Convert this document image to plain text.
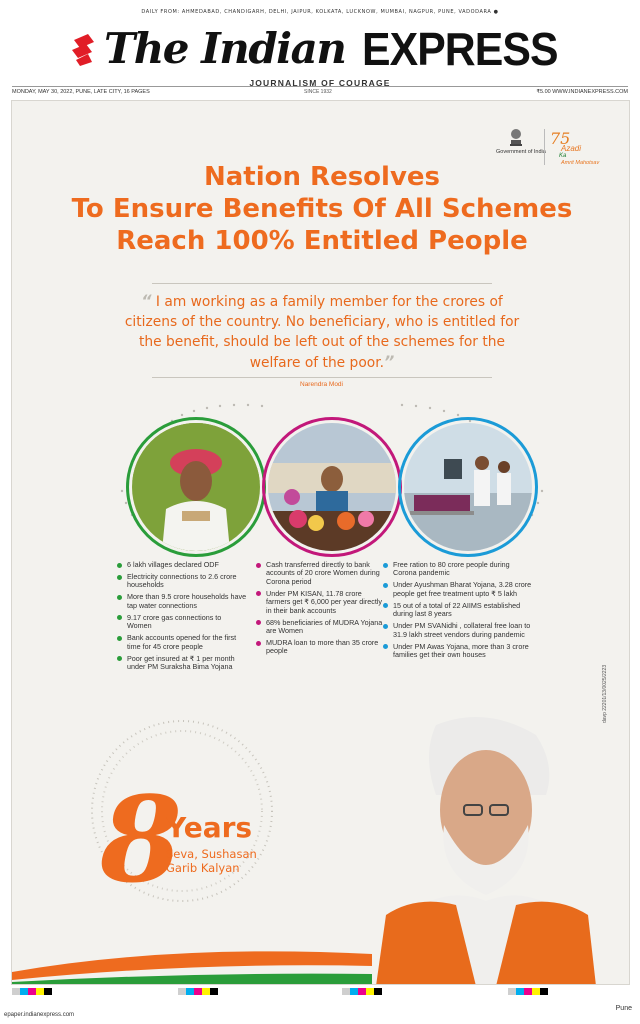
DAILY FROM: AHMEDABAD, CHANDIGARH, DELHI, JAIPUR, KOLKATA, LUCKNOW, MUMBAI, NAGPUR, PUNE, VADODARA ●
The Indian EXPRESS
JOURNALISM OF COURAGE
MONDAY, MAY 30, 2022, PUNE, LATE CITY, 16 PAGES	SINCE 1932	₹5.00 WWW.INDIANEXPRESS.COM
Government of India
75
Azadi
Ka
Amrit Mahotsav
Nation Resolves
To Ensure Benefits Of All Schemes
Reach 100% Entitled People
“ I am working as a family member for the crores of citizens of the country. No beneficiary, who is entitled for the benefit, should be left out of the schemes for the welfare of the poor.”
Narendra Modi
6 lakh villages declared ODF
Electricity connections to 2.6 crore households
More than 9.5 crore households have tap water connections
9.17 crore gas connections to Women
Bank accounts opened for the first time for 45 crore people
Poor get insured at ₹ 1 per month under PM Suraksha Bima Yojana
Cash transferred directly to bank accounts of 20 crore Women during Corona period
Under PM KISAN, 11.78 crore farmers get ₹ 6,000 per year directly in their bank accounts
68% beneficiaries of MUDRA Yojana are Women
MUDRA loan to more than 35 crore people
Free ration to 80 crore people during Corona pandemic
Under Ayushman Bharat Yojana, 3.28 crore people get free treatment upto ₹ 5 lakh
15 out of a total of 22 AIIMS established during last 8 years
Under PM SVANidhi , collateral free loan to 31.9 lakh street vendors during pandemic
Under PM Awas Yojana, more than 3 crore families get their own houses
8
Years
Seva, Sushasan
Garib Kalyan
davp 22201/13/0025/2223
epaper.indianexpress.com
Pune
